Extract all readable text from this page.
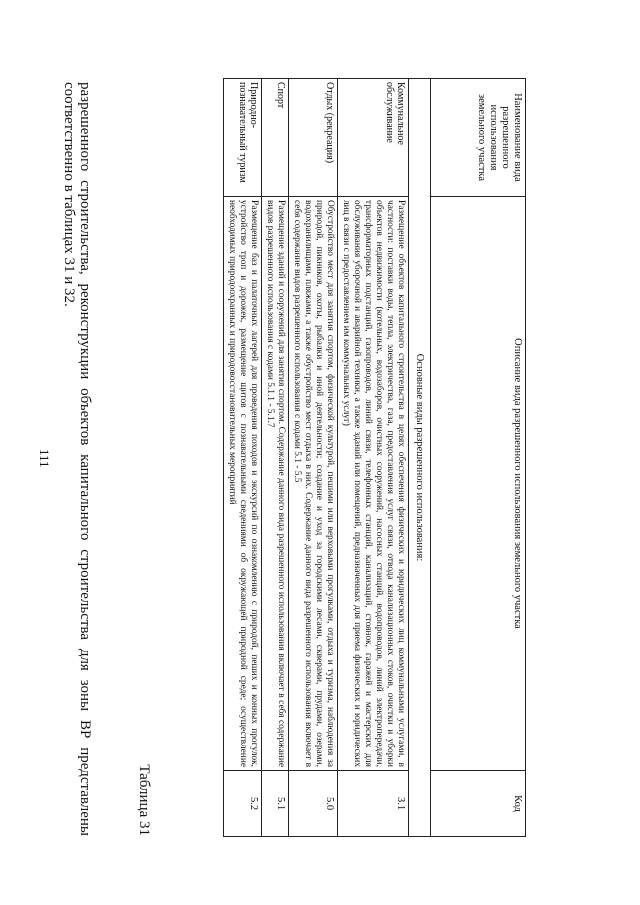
111	разрешенного строительства, реконструкции объектов капитального строительства для зоны ВР представлены соответственно в таблицах 31 и 32.

Таблица 31
Наименование вида разрешенного использования земельного участка	Описание вида разрешенного использования земельного участка	Код
Основные виды разрешенного использования:		
Коммунальное обслуживание	Размещение объектов капитального строительства в целях обеспечения физических и юридических лиц коммунальными услугами, в частности: поставки воды, тепла, электричества, газа, предоставления услуг связи, отвода канализационных стоков, очистки и уборки объектов недвижимости (котельных, водозаборов, очистных сооружений, насосных станций, водопроводов, линий электропередачи, трансформаторных подстанций, газопроводов, линий связи, телефонных станций, канализаций, стоянок, гаражей и мастерских для обслуживания уборочной и аварийной техники, а также зданий или помещений, предназначенных для приема физических и юридических лиц в связи с предоставлением им коммунальных услуг)	3.1
Отдых (рекреация)	Обустройство мест для занятия спортом, физической культурой, пешими или верховыми прогулками, отдыха и туризма, наблюдения за природой, пикников, охоты, рыбалки и иной деятельности; создание и уход за городскими лесами, скверами, прудами, озерами, водохранилищами, пляжами, а также обустройство мест отдыха в них. Содержание данного вида разрешенного использования включает в себя содержание видов разрешенного использования с кодами 5.1 - 5.5	5.0
Спорт	Размещение зданий и сооружений для занятия спортом. Содержание данного вида разрешенного использования включает в себя содержание видов разрешенного использования с кодами 5.1.1 - 5.1.7	5.1
Природно-познавательный туризм	Размещение баз и палаточных лагерей для проведения походов и экскурсий по ознакомлению с природой, пеших и конных прогулок, устройство троп и дорожек, размещение щитов с познавательными сведениями об окружающей природной среде; осуществление необходимых природоохранных и природовосстановительных мероприятий	5.2
